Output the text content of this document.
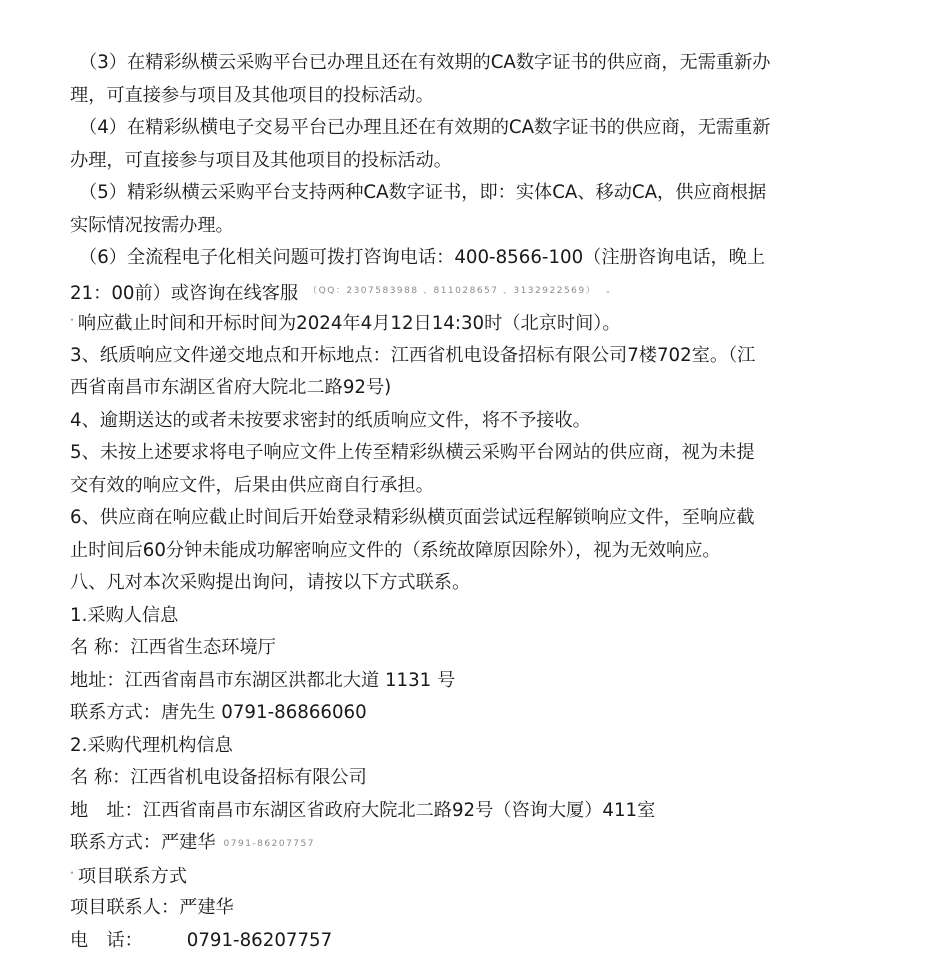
（3）在精彩纵横云采购平台已办理且还在有效期的CA数字证书的供应商，无需重新办
理，可直接参与项目及其他项目的投标活动。
（4）在精彩纵横电子交易平台已办理且还在有效期的CA数字证书的供应商，无需重新
办理，可直接参与项目及其他项目的投标活动。
（5）精彩纵横云采购平台支持两种CA数字证书，即：实体CA、移动CA，供应商根据
实际情况按需办理。
（6）全流程电子化相关问题可拨打咨询电话：400-8566-100（注册咨询电话，晚上
21：00前）或咨询在线客服 $^{(QQ:2307583988 、811028657 、3132922569)}$ -
$^ᐩ$ 响应截止时间和开标时间为2024年4月12日14:30时（北京时间）。
3、纸质响应文件递交地点和开标地点：江西省机电设备招标有限公司7楼702室。（江
西省南昌市东湖区省府大院北二路92号)
4、逾期送达的或者未按要求密封的纸质响应文件，将不予接收。
5、未按上述要求将电子响应文件上传至精彩纵横云采购平台网站的供应商，视为未提
交有效的响应文件，后果由供应商自行承担。
6、供应商在响应截止时间后开始登录精彩纵横页面尝试远程解锁响应文件，至响应截
止时间后60分钟未能成功解密响应文件的（系统故障原因除外），视为无效响应。
八、凡对本次采购提出询问，请按以下方式联系。
1.采购人信息
名 称：江西省生态环境厅
地址：江西省南昌市东湖区洪都北大道 1131 号
联系方式：唐先生 0791-86866060
2.采购代理机构信息
名 称：江西省机电设备招标有限公司
地　址：江西省南昌市东湖区省政府大院北二路92号（咨询大厦）411室
联系方式：严建华 0791-86207757
$^ᐩ$ 项目联系方式
项目联系人：严建华
电　话： 0791-86207757
